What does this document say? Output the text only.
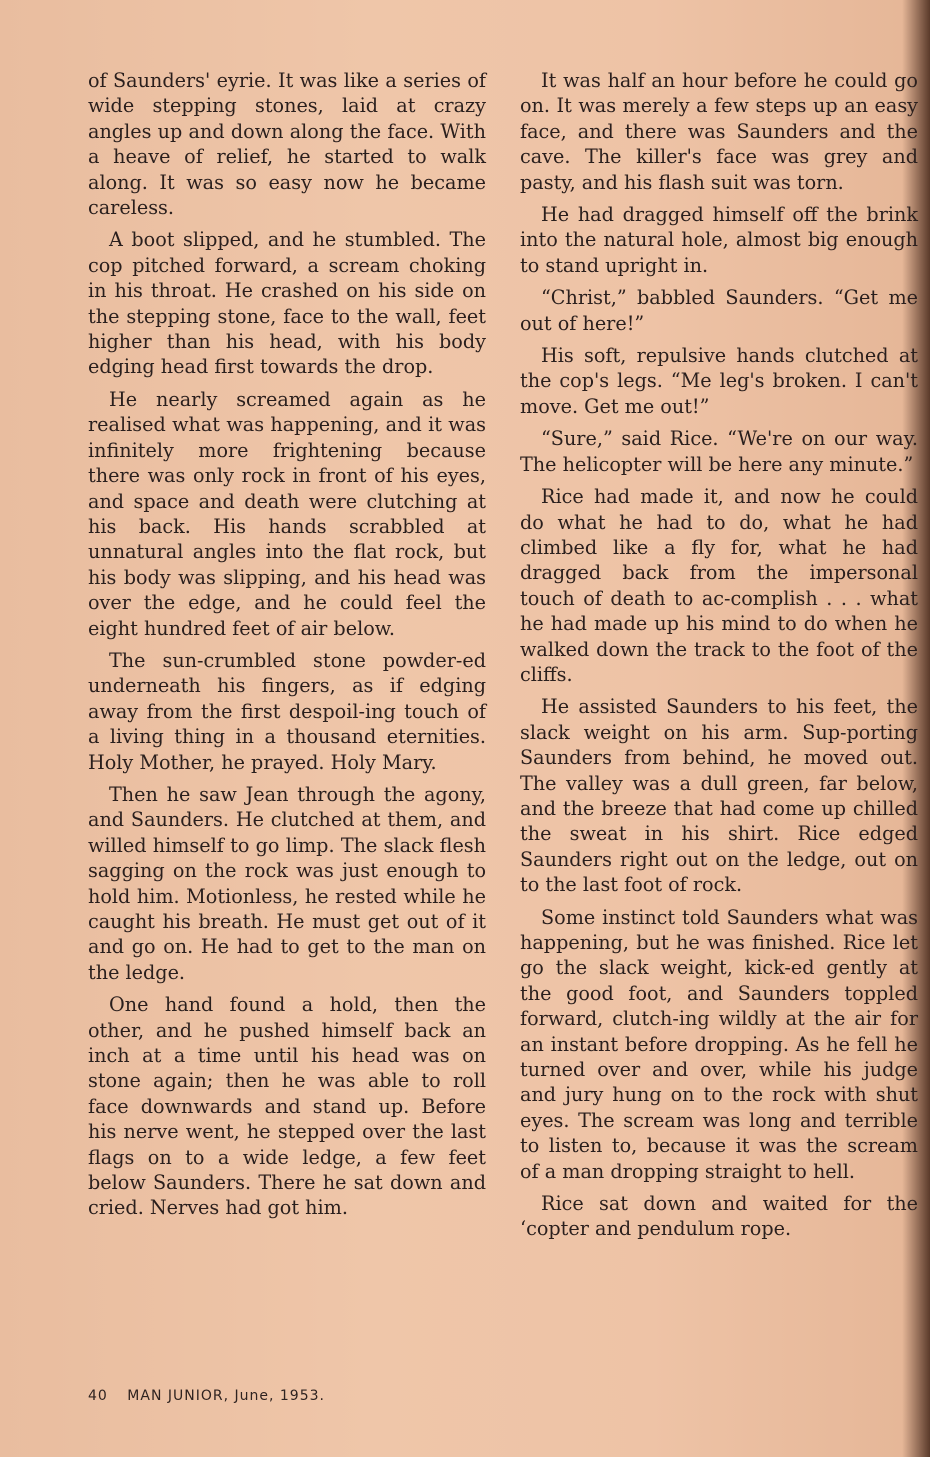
of Saunders' eyrie. It was like a series of wide stepping stones, laid at crazy angles up and down along the face. With a heave of relief, he started to walk along. It was so easy now he became careless.

A boot slipped, and he stumbled. The cop pitched forward, a scream choking in his throat. He crashed on his side on the stepping stone, face to the wall, feet higher than his head, with his body edging head first towards the drop.

He nearly screamed again as he realised what was happening, and it was infinitely more frightening because there was only rock in front of his eyes, and space and death were clutching at his back. His hands scrabbled at unnatural angles into the flat rock, but his body was slipping, and his head was over the edge, and he could feel the eight hundred feet of air below.

The sun-crumbled stone powder-ed underneath his fingers, as if edging away from the first despoil-ing touch of a living thing in a thousand eternities. Holy Mother, he prayed. Holy Mary.

Then he saw Jean through the agony, and Saunders. He clutched at them, and willed himself to go limp. The slack flesh sagging on the rock was just enough to hold him. Motionless, he rested while he caught his breath. He must get out of it and go on. He had to get to the man on the ledge.

One hand found a hold, then the other, and he pushed himself back an inch at a time until his head was on stone again; then he was able to roll face downwards and stand up. Before his nerve went, he stepped over the last flags on to a wide ledge, a few feet below Saunders. There he sat down and cried. Nerves had got him.

It was half an hour before he could go on. It was merely a few steps up an easy face, and there was Saunders and the cave. The killer's face was grey and pasty, and his flash suit was torn.

He had dragged himself off the brink into the natural hole, almost big enough to stand upright in.

“Christ,” babbled Saunders. “Get me out of here!”

His soft, repulsive hands clutched at the cop's legs. “Me leg's broken. I can't move. Get me out!”

“Sure,” said Rice. “We're on our way. The helicopter will be here any minute.”

Rice had made it, and now he could do what he had to do, what he had climbed like a fly for, what he had dragged back from the impersonal touch of death to ac-complish . . . what he had made up his mind to do when he walked down the track to the foot of the cliffs.

He assisted Saunders to his feet, the slack weight on his arm. Sup-porting Saunders from behind, he moved out. The valley was a dull green, far below, and the breeze that had come up chilled the sweat in his shirt. Rice edged Saunders right out on the ledge, out on to the last foot of rock.

Some instinct told Saunders what was happening, but he was finished. Rice let go the slack weight, kick-ed gently at the good foot, and Saunders toppled forward, clutch-ing wildly at the air for an instant before dropping. As he fell he turned over and over, while his judge and jury hung on to the rock with shut eyes. The scream was long and terrible to listen to, because it was the scream of a man dropping straight to hell.

Rice sat down and waited for the ‘copter and pendulum rope.

40 MAN JUNIOR, June, 1953.
